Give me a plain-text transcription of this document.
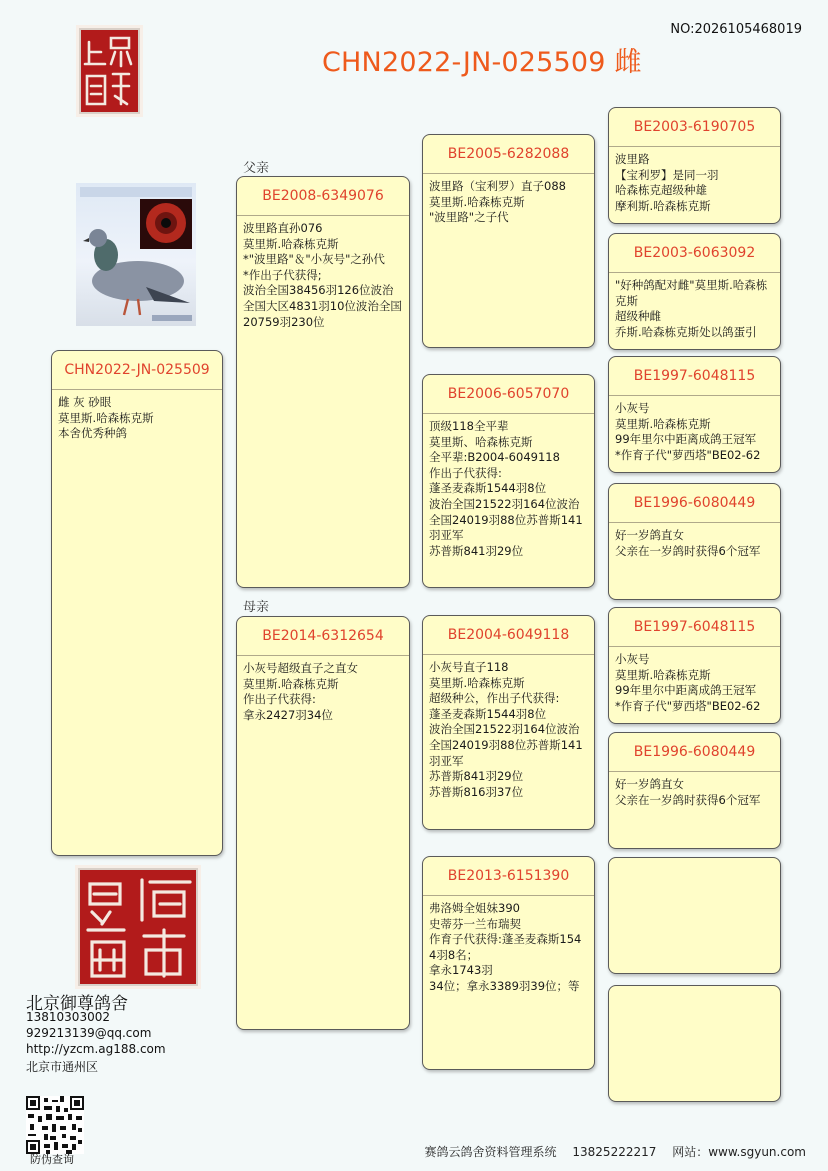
NO:2026105468019
CHN2022-JN-025509 雌
父亲
母亲
CHN2022-JN-025509
雌 灰 砂眼
莫里斯.哈森栋克斯
本舍优秀种鸽
BE2008-6349076
波里路直孙076
莫里斯.哈森栋克斯
*"波里路"＆"小灰号"之孙代
*作出子代获得;
波治全国38456羽126位波治全国大区4831羽10位波治全国20759羽230位
BE2014-6312654
小灰号超级直子之直女
莫里斯.哈森栋克斯
作出子代获得:
拿永2427羽34位
BE2005-6282088
波里路（宝利罗）直子088
莫里斯.哈森栋克斯
"波里路"之子代
BE2006-6057070
顶级118全平辈
莫里斯、哈森栋克斯
全平辈:B2004-6049118
作出子代获得:
蓬圣麦森斯1544羽8位
波治全国21522羽164位波治全国24019羽88位苏普斯141羽亚军
苏普斯841羽29位
BE2004-6049118
小灰号直子118
莫里斯.哈森栋克斯
超级种公，作出子代获得:
蓬圣麦森斯1544羽8位
波治全国21522羽164位波治全国24019羽88位苏普斯141羽亚军
苏普斯841羽29位
苏普斯816羽37位
BE2013-6151390
弗洛姆全姐妹390
史蒂芬一兰布瑞契
作育子代获得:蓬圣麦森斯1544羽8名；
拿永1743羽
34位；拿永3389羽39位；等
BE2003-6190705
波里路
【宝利罗】是同一羽
哈森栋克超级种雄
摩利斯.哈森栋克斯
BE2003-6063092
"好种鸽配对雌"莫里斯.哈森栋克斯
超级种雌
乔斯.哈森栋克斯处以鸽蛋引
BE1997-6048115
小灰号
莫里斯.哈森栋克斯
99年里尔中距离成鸽王冠军
*作育子代"萝西塔"BE02-62
BE1996-6080449
好一岁鸽直女
父亲在一岁鸽时获得6个冠军
BE1997-6048115
小灰号
莫里斯.哈森栋克斯
99年里尔中距离成鸽王冠军
*作育子代"萝西塔"BE02-62
BE1996-6080449
好一岁鸽直女
父亲在一岁鸽时获得6个冠军
北京御尊鸽舍
13810303002
929213139@qq.com
http://yzcm.ag188.com
北京市通州区
防伪查询
赛鸽云鸽舍资料管理系统 13825222217 网站：www.sgyun.com
